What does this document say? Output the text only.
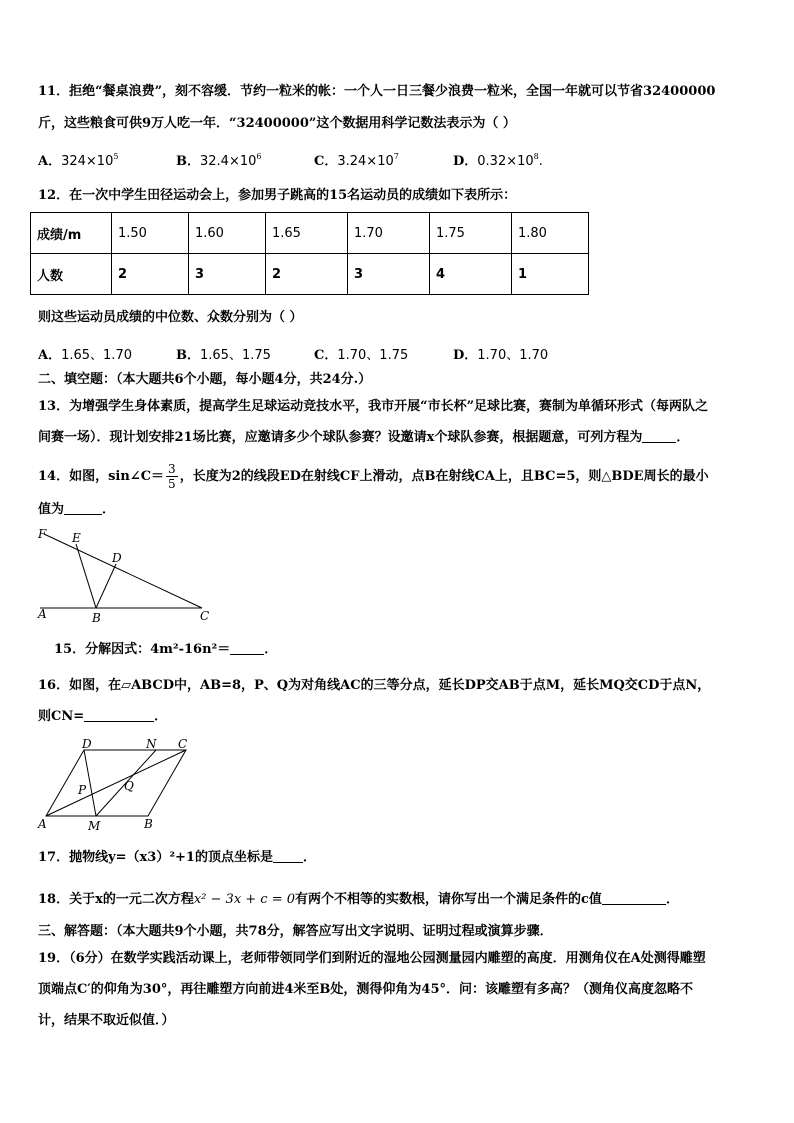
11．拒绝“餐桌浪费”，刻不容缓．节约一粒米的帐：一个人一日三餐少浪费一粒米，全国一年就可以节省32400000
斤，这些粮食可供9万人吃一年．“32400000”这个数据用科学记数法表示为（ ）
A．$324\times 10^5$	B．$32.4\times 10^6$	C．$3.24\times 10^7$	D．$0.32\times 10^8$.
12．在一次中学生田径运动会上，参加男子跳高的15名运动员的成绩如下表所示：
成绩/m	1.50	1.60	1.65	1.70	1.75	1.80
人数	2	3	2	3	4	1
则这些运动员成绩的中位数、众数分别为（ ）
A．1.65、1.70	B．1.65、1.75	C．1.70、1.75	D．1.70、1.70
二、填空题：（本大题共6个小题，每小题4分，共24分.）
13．为增强学生身体素质，提高学生足球运动竞技水平，我市开展“市长杯”足球比赛，赛制为单循环形式（每两队之
间赛一场）．现计划安排21场比赛，应邀请多少个球队参赛？设邀请x个球队参赛，根据题意，可列方程为	．
14．如图，sin∠C＝ $\frac{3}{5}$ ，长度为2的线段ED在射线CF上滑动，点B在射线CA上，且BC=5，则△BDE周长的最小
值为	．
F E
D
A	B	C
15．分解因式：4m²-16n²＝	．
16．如图，在▱ABCD中，AB=8，P、Q为对角线AC的三等分点，延长DP交AB于点M，延长MQ交CD于点N，
则CN=	．
D	N C
P	Q
A	M	B
17．抛物线y=（x3）²+1的顶点坐标是 ．
18．关于x的一元二次方程x² − 3x + c = 0有两个不相等的实数根，请你写出一个满足条件的c值	．
三、解答题：（本大题共9个小题，共78分，解答应写出文字说明、证明过程或演算步骤．
19．（6分）在数学实践活动课上，老师带领同学们到附近的湿地公园测量园内雕塑的高度．用测角仪在A处测得雕塑
顶端点C′的仰角为30°，再往雕塑方向前进4米至B处，测得仰角为45°．问：该雕塑有多高？（测角仪高度忽略不
计，结果不取近似值．）
